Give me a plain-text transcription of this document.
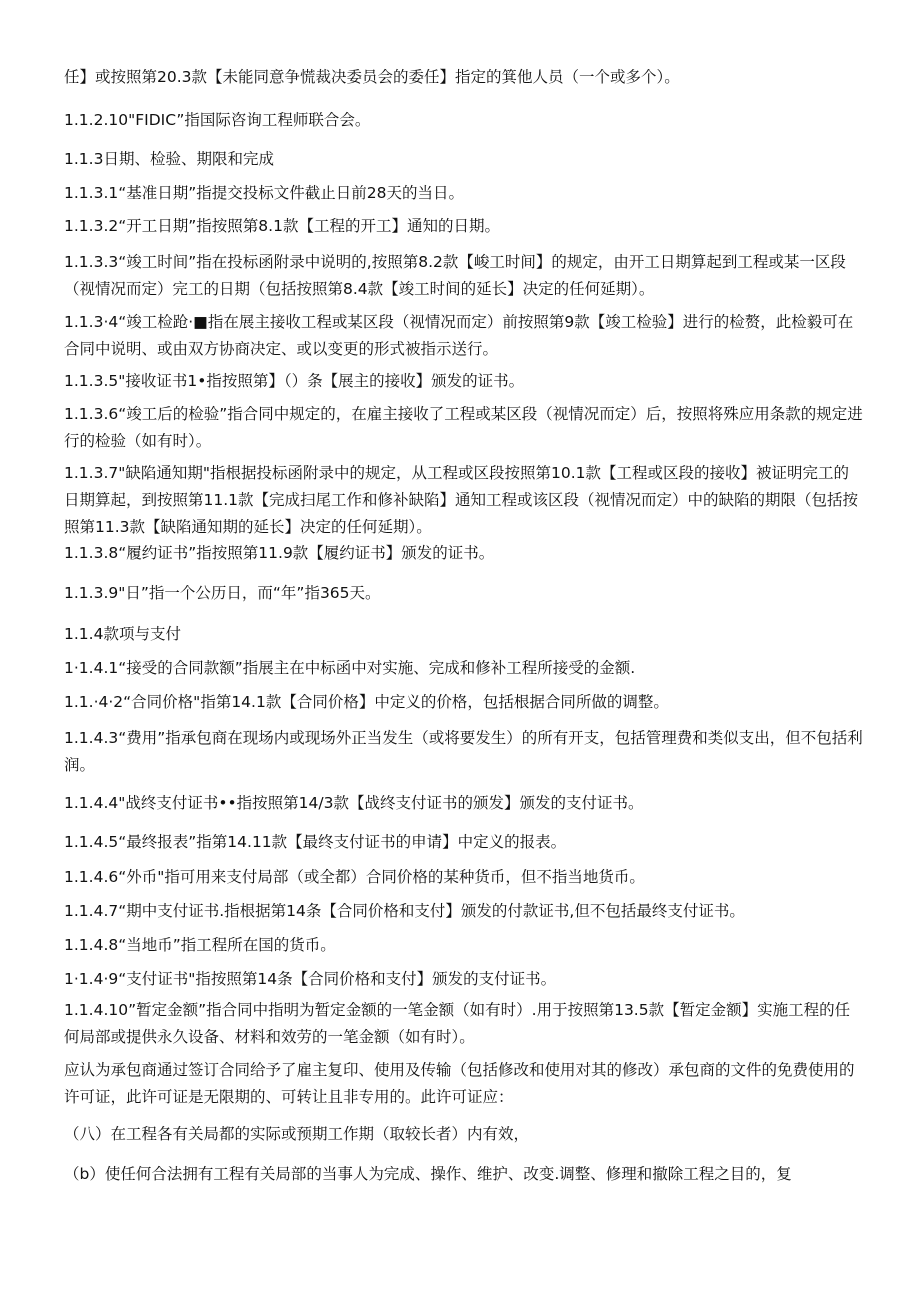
任】或按照第20.3款【未能同意争慌裁决委员会的委任】指定的箕他人员（一个或多个）。

1.1.2.10"FIDIC”指国际咨询工程师联合会。

1.1.3日期、检验、期限和完成

1.1.3.1“基准日期”指提交投标文件截止日前28天的当日。

1.1.3.2“开工日期”指按照第8.1款【工程的开工】通知的日期。

1.1.3.3“竣工时间”指在投标函附录中说明的,按照第8.2款【峻工时间】的规定，由开工日期算起到工程或某一区段（视情况而定）完工的日期（包括按照第8.4款【竣工时间的延长】决定的任何延期）。

1.1.3·4“竣工检跄·■指在展主接收工程或某区段（视情况而定）前按照第9款【竣工检验】进行的检赘，此检毅可在合同中说明、或由双方协商决定、或以变更的形式被指示送行。

1.1.3.5"接收证书1•指按照第】（）条【展主的接收】颁发的证书。

1.1.3.6“竣工后的检验”指合同中规定的，在雇主接收了工程或某区段（视情况而定）后，按照将殊应用条款的规定进行的检验（如有时）。

1.1.3.7"缺陷通知期"指根据投标函附录中的规定，从工程或区段按照第10.1款【工程或区段的接收】被证明完工的日期算起，到按照第11.1款【完成扫尾工作和修补缺陷】通知工程或该区段（视情况而定）中的缺陷的期限（包括按照第11.3款【缺陷通知期的延长】决定的任何延期）。

1.1.3.8“履约证书”指按照第11.9款【履约证书】颁发的证书。

1.1.3.9"日”指一个公历日，而“年”指365天。

1.1.4款项与支付

1·1.4.1“接受的合同款额”指展主在中标函中对实施、完成和修补工程所接受的金额.

1.1.·4·2“合同价格"指第14.1款【合同价格】中定义的价格，包括根据合同所做的调整。

1.1.4.3“费用”指承包商在现场内或现场外正当发生（或将要发生）的所有开支，包括管理费和类似支出，但不包括利润。

1.1.4.4"战终支付证书••指按照第14/3款【战终支付证书的颁发】颁发的支付证书。

1.1.4.5“最终报表”指第14.11款【最终支付证书的申请】中定义的报表。

1.1.4.6“外币"指可用来支付局部（或全都）合同价格的某种货币，但不指当地货币。

1.1.4.7“期中支付证书.指根据第14条【合同价格和支付】颁发的付款证书,但不包括最终支付证书。

1.1.4.8“当地币”指工程所在国的货币。

1·1.4·9“支付证书"指按照第14条【合同价格和支付】颁发的支付证书。

1.1.4.10”暂定金额”指合同中指明为暂定金额的一笔金额（如有时）.用于按照第13.5款【暂定金额】实施工程的任何局部或提供永久设备、材料和效劳的一笔金额（如有时）。

应认为承包商通过签订合同给予了雇主复印、使用及传输（包括修改和使用对其的修改）承包商的文件的免费使用的许可证，此许可证是无限期的、可转让且非专用的。此许可证应：

（八）在工程各有关局都的实际或预期工作期（取较长者）内有效，

（b）使任何合法拥有工程有关局部的当事人为完成、操作、维护、改变.调整、修理和撤除工程之目的，复
